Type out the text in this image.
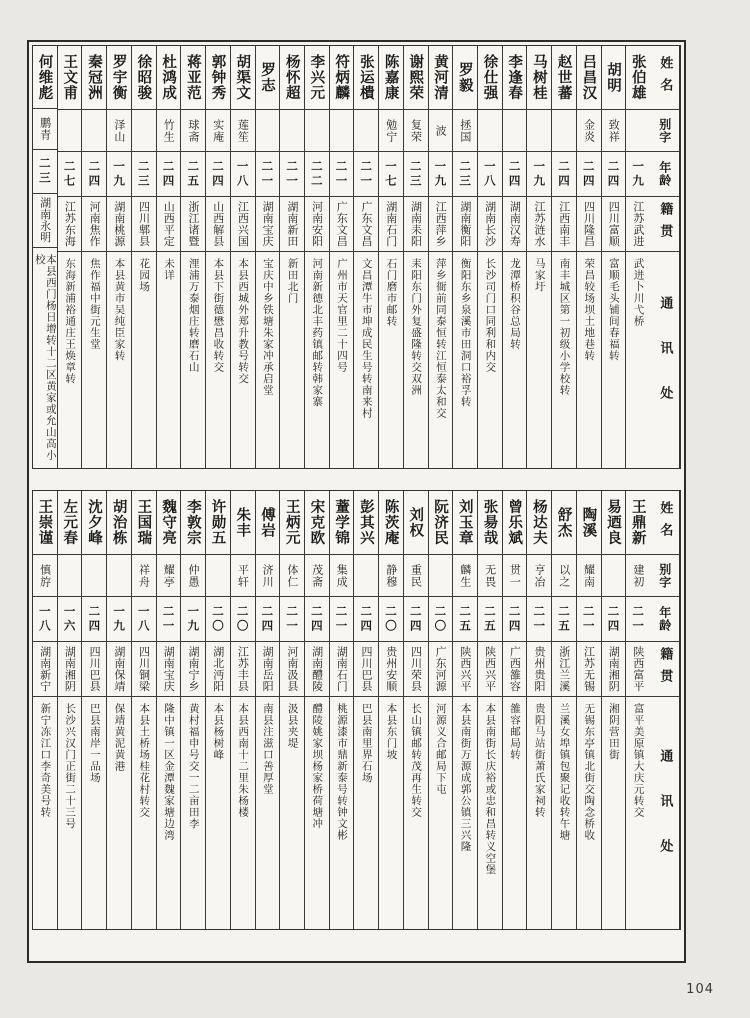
姓名
别字
年龄
籍贯
通讯处
张伯雄
一九
江苏武进
武进卜川弋桥
胡明
致祥
二四
四川富顺
富顺毛头铺间春福转
吕昌汉
金炎
二四
四川隆昌
荣昌较场坝土地巷转
赵世蕃
二四
江西南丰
南丰城区第一初级小学校转
马树桂
一九
江苏涟水
马家圩
李逢春
二四
湖南汉寿
龙潭桥积谷总局转
徐仕强
一八
湖南长沙
长沙司门口同利和内交
罗毅
拯国
二三
湖南衡阳
衡阳东乡泉溪市田洞口裕孚转
黄河清
波
一九
江西萍乡
萍乡衙前同泰恒转江恒泰太和交
谢熙荣
复荣
二三
湖南耒阳
耒阳东门外复盛隆转交双洲
陈嘉康
勉宁
一七
湖南石门
石门磨市邮转
张运樻
二一
广东文昌
文昌潭牛市坤成民生号转南来村
符炳麟
二一
广东文昌
广州市天官里二十四号
李兴元
二二
河南安阳
河南新德北丰药镇邮转韩家寨
杨怀超
二一
湖南新田
新田北门
罗志
二一
湖南宝庆
宝庆中乡铁塘朱家冲承启堂
胡渠文
莲笙
一八
江西兴国
本县西城外郑升教号转交
郭钟秀
实庵
二四
山西解县
本县下街德懋昌收转交
蒋亚范
球斋
二五
浙江诸暨
浬浦万泰烟庄转磨石山
杜鸿成
竹生
二四
山西平定
未详
徐昭骏
二三
四川郫县
花园场
罗宇衡
泽山
一九
湖南桃源
本县黄市吴纯臣家转
秦冠洲
二四
河南焦作
焦作福中街元生堂
王文甫
二七
江苏东海
东海新浦裕通庄王焕章转
何维彪
鹏青
二三
湖南永明
本县西门杨日增转十二区黄家或允山高小校
姓名
别字
年龄
籍贯
通讯处
王鼎新
建初
二一
陕西富平
富平美原镇大庆元转交
易迺良
二四
湖南湘阴
湘阴营田街
陶溪
耀南
二一
江苏无锡
无锡东亭镇北街交陶念桥收
舒杰
以之
二五
浙江兰溪
兰溪女埠镇包聚记收转午塘
杨达夫
亨冶
二一
贵州贵阳
贵阳马站街萧氏家祠转
曾乐斌
贯一
二四
广西雒容
雒容邮局转
张昜哉
无畏
二五
陕西兴平
本县南街长庆裕或忠和昌转义空堡
刘玉章
麟生
二五
陕西兴平
本县南街万源成郭公镇三兴隆
阮济民
二〇
广东河源
河源义合邮局下屯
刘权
重民
二四
四川荣县
长山镇邮转茂再生转交
陈茨庵
静穆
二〇
贵州安顺
本县东门坡
彭其兴
二四
四川巴县
巴县南里界石场
蕫学锦
集成
二一
湖南石门
桃源漆市鼎新泰号转钟文彬
宋克欧
茂斋
二四
湖南醴陵
醴陵姚家坝杨家桥荷塘冲
王炳元
体仁
二一
河南汲县
汲县夹堤
傅岩
济川
二四
湖南岳阳
南县注滋口善厚堂
朱丰
平轩
二〇
江苏丰县
本县西南十二里朱杨楼
许勋五
二〇
湖北沔阳
本县杨树峰
李敦宗
仲愚
一九
湖南宁乡
黄村福申号交一二亩田李
魏守亮
耀亭
二一
湖南宝庆
隆中镇一区金潭魏家塘边湾
王国瑞
祥舟
一八
四川铜梁
本县土桥场桂花村转交
胡治栋
一九
湖南保靖
保靖黄泥黄港
沈夕峰
二四
四川巴县
巴县南岸一品场
左元春
一六
湖南湘阴
长沙兴汉门正街二十三号
王崇谨
慎斿
一八
湖南新宁
新宁冻江口李奇美号转
104
